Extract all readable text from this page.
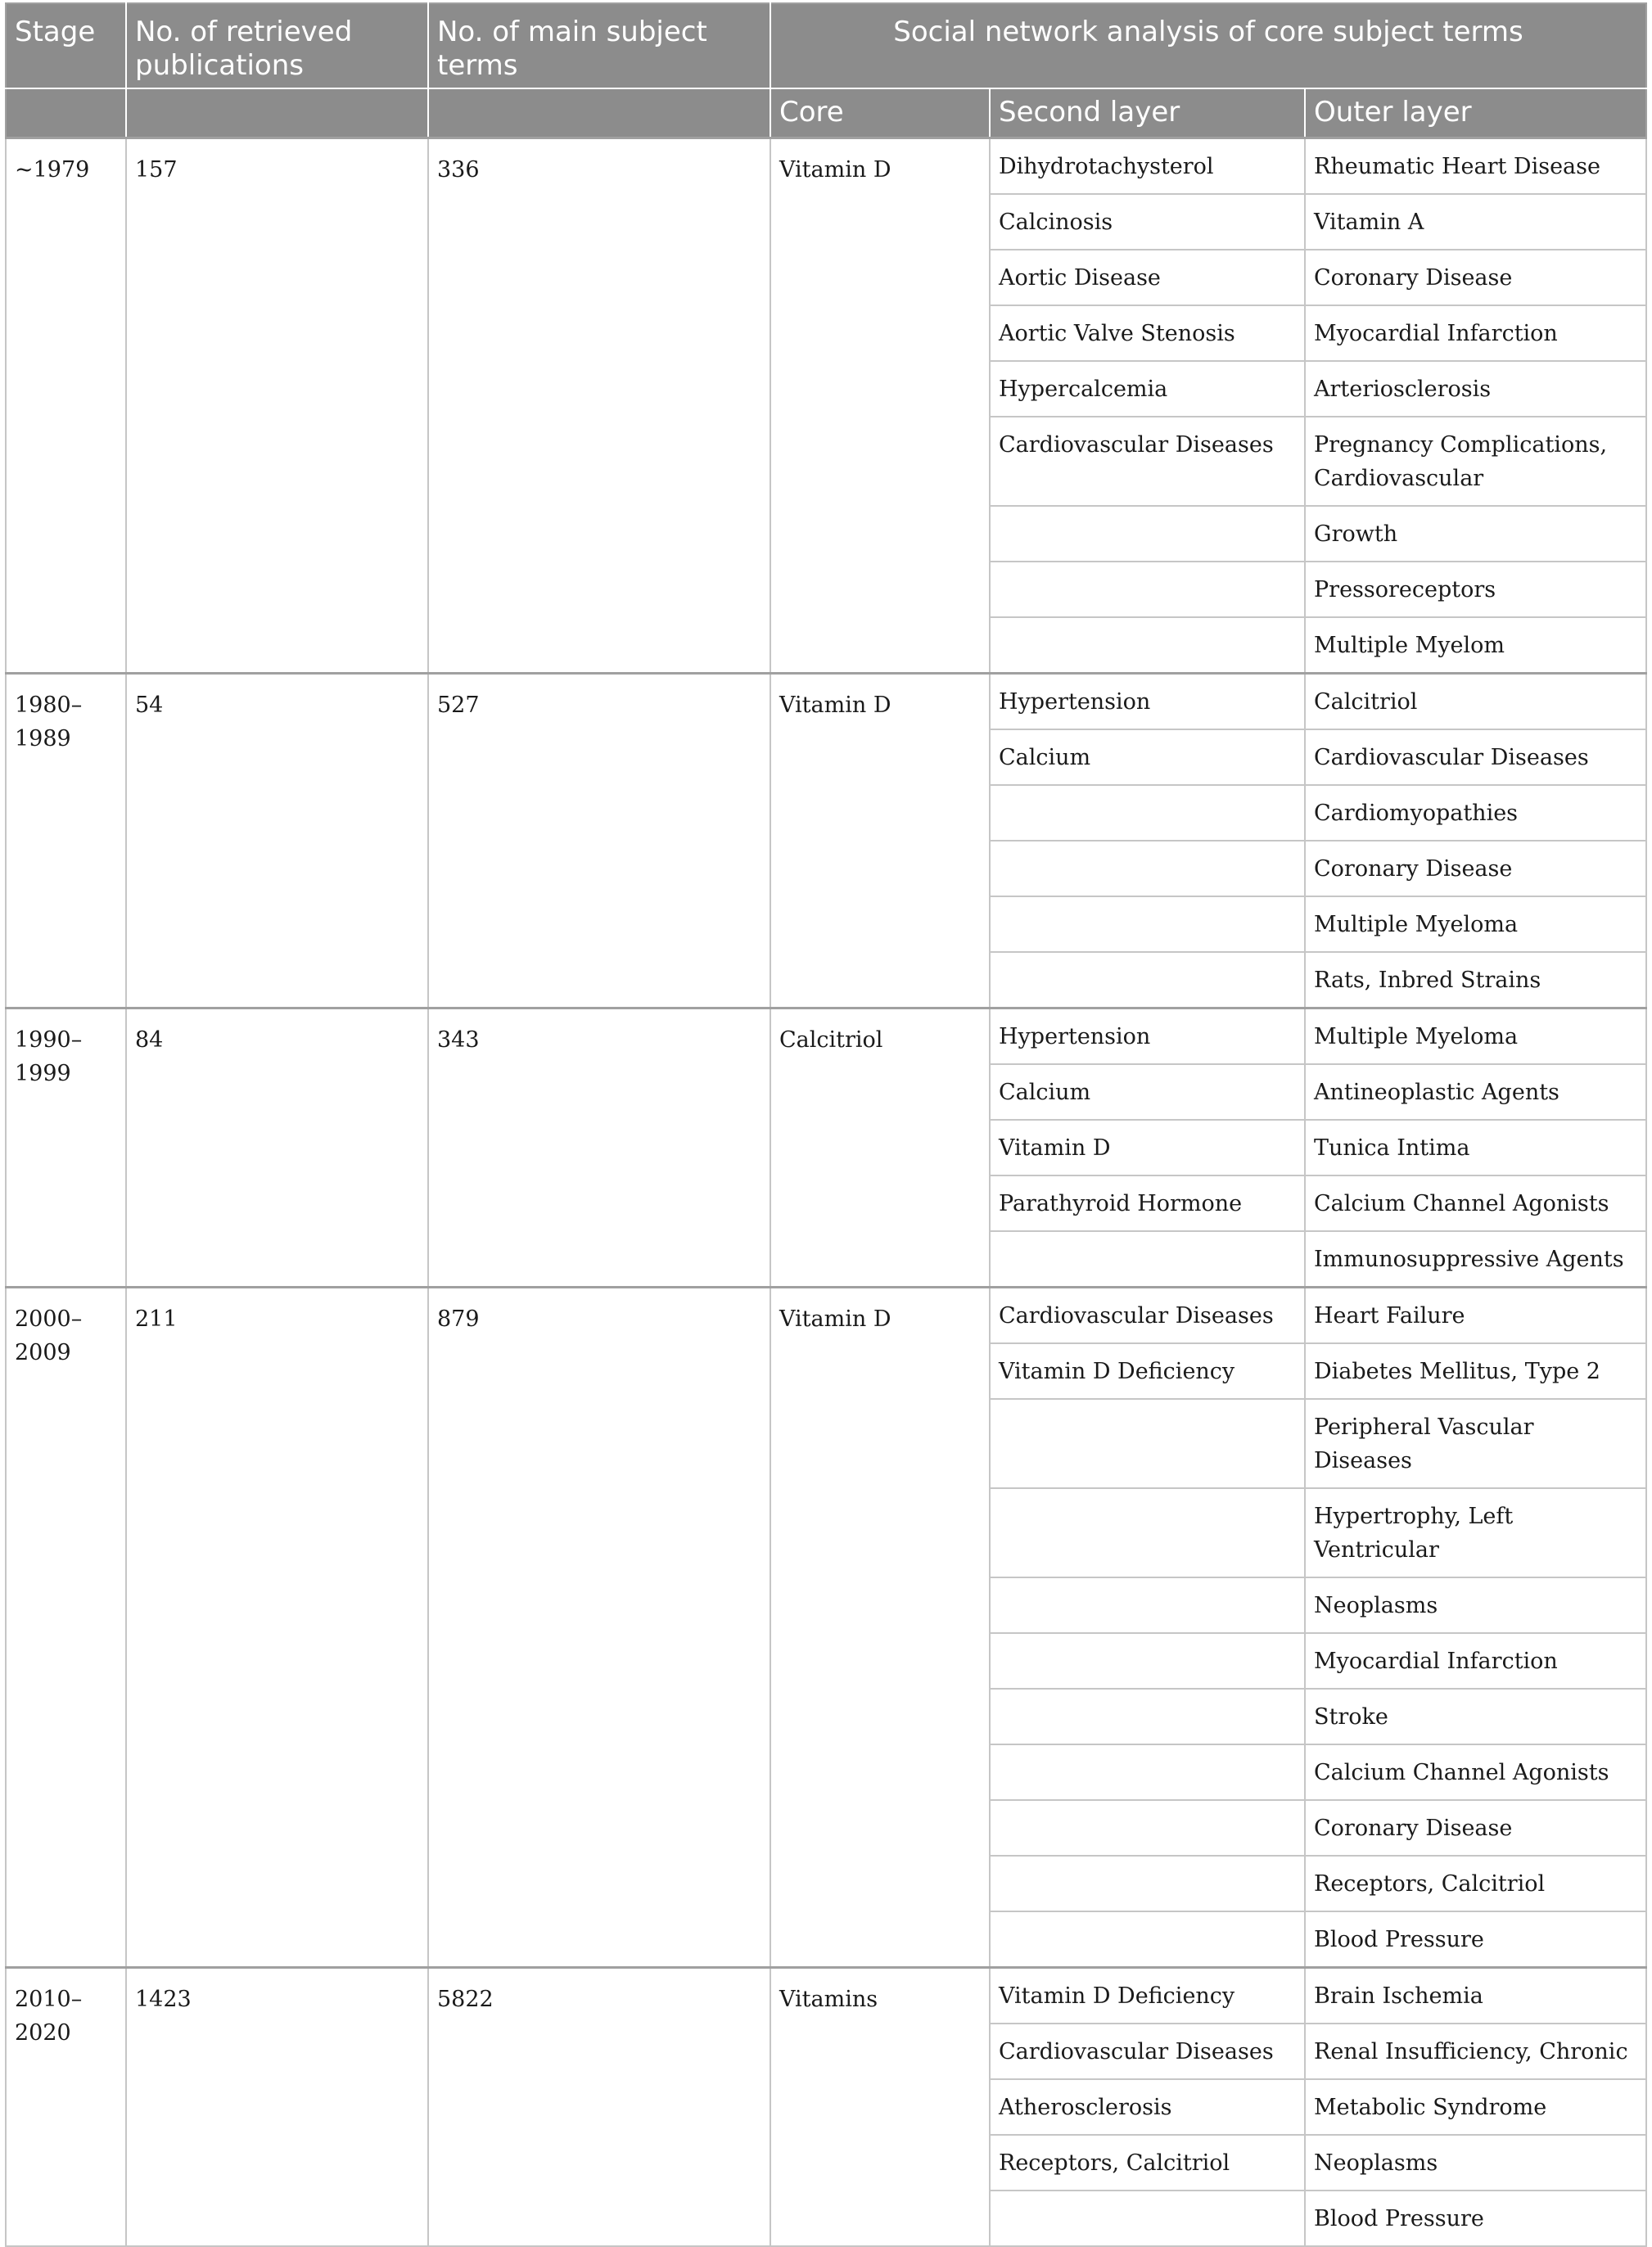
Stage	No. of retrieved publications	No. of main subject terms	Social network analysis of core subject terms		
			Core	Second layer	Outer layer
~1979	157	336	Vitamin D	Dihydrotachysterol	Rheumatic Heart Disease
				Calcinosis	Vitamin A
				Aortic Disease	Coronary Disease
				Aortic Valve Stenosis	Myocardial Infarction
				Hypercalcemia	Arteriosclerosis
				Cardiovascular Diseases	Pregnancy Complications, Cardiovascular
					Growth
					Pressoreceptors
					Multiple Myelom
1980–1989	54	527	Vitamin D	Hypertension	Calcitriol
				Calcium	Cardiovascular Diseases
					Cardiomyopathies
					Coronary Disease
					Multiple Myeloma
					Rats, Inbred Strains
1990–1999	84	343	Calcitriol	Hypertension	Multiple Myeloma
				Calcium	Antineoplastic Agents
				Vitamin D	Tunica Intima
				Parathyroid Hormone	Calcium Channel Agonists
					Immunosuppressive Agents
2000–2009	211	879	Vitamin D	Cardiovascular Diseases	Heart Failure
				Vitamin D Deficiency	Diabetes Mellitus, Type 2
					Peripheral Vascular Diseases
					Hypertrophy, Left Ventricular
					Neoplasms
					Myocardial Infarction
					Stroke
					Calcium Channel Agonists
					Coronary Disease
					Receptors, Calcitriol
					Blood Pressure
2010–2020	1423	5822	Vitamins	Vitamin D Deficiency	Brain Ischemia
				Cardiovascular Diseases	Renal Insufficiency, Chronic
				Atherosclerosis	Metabolic Syndrome
				Receptors, Calcitriol	Neoplasms
					Blood Pressure
